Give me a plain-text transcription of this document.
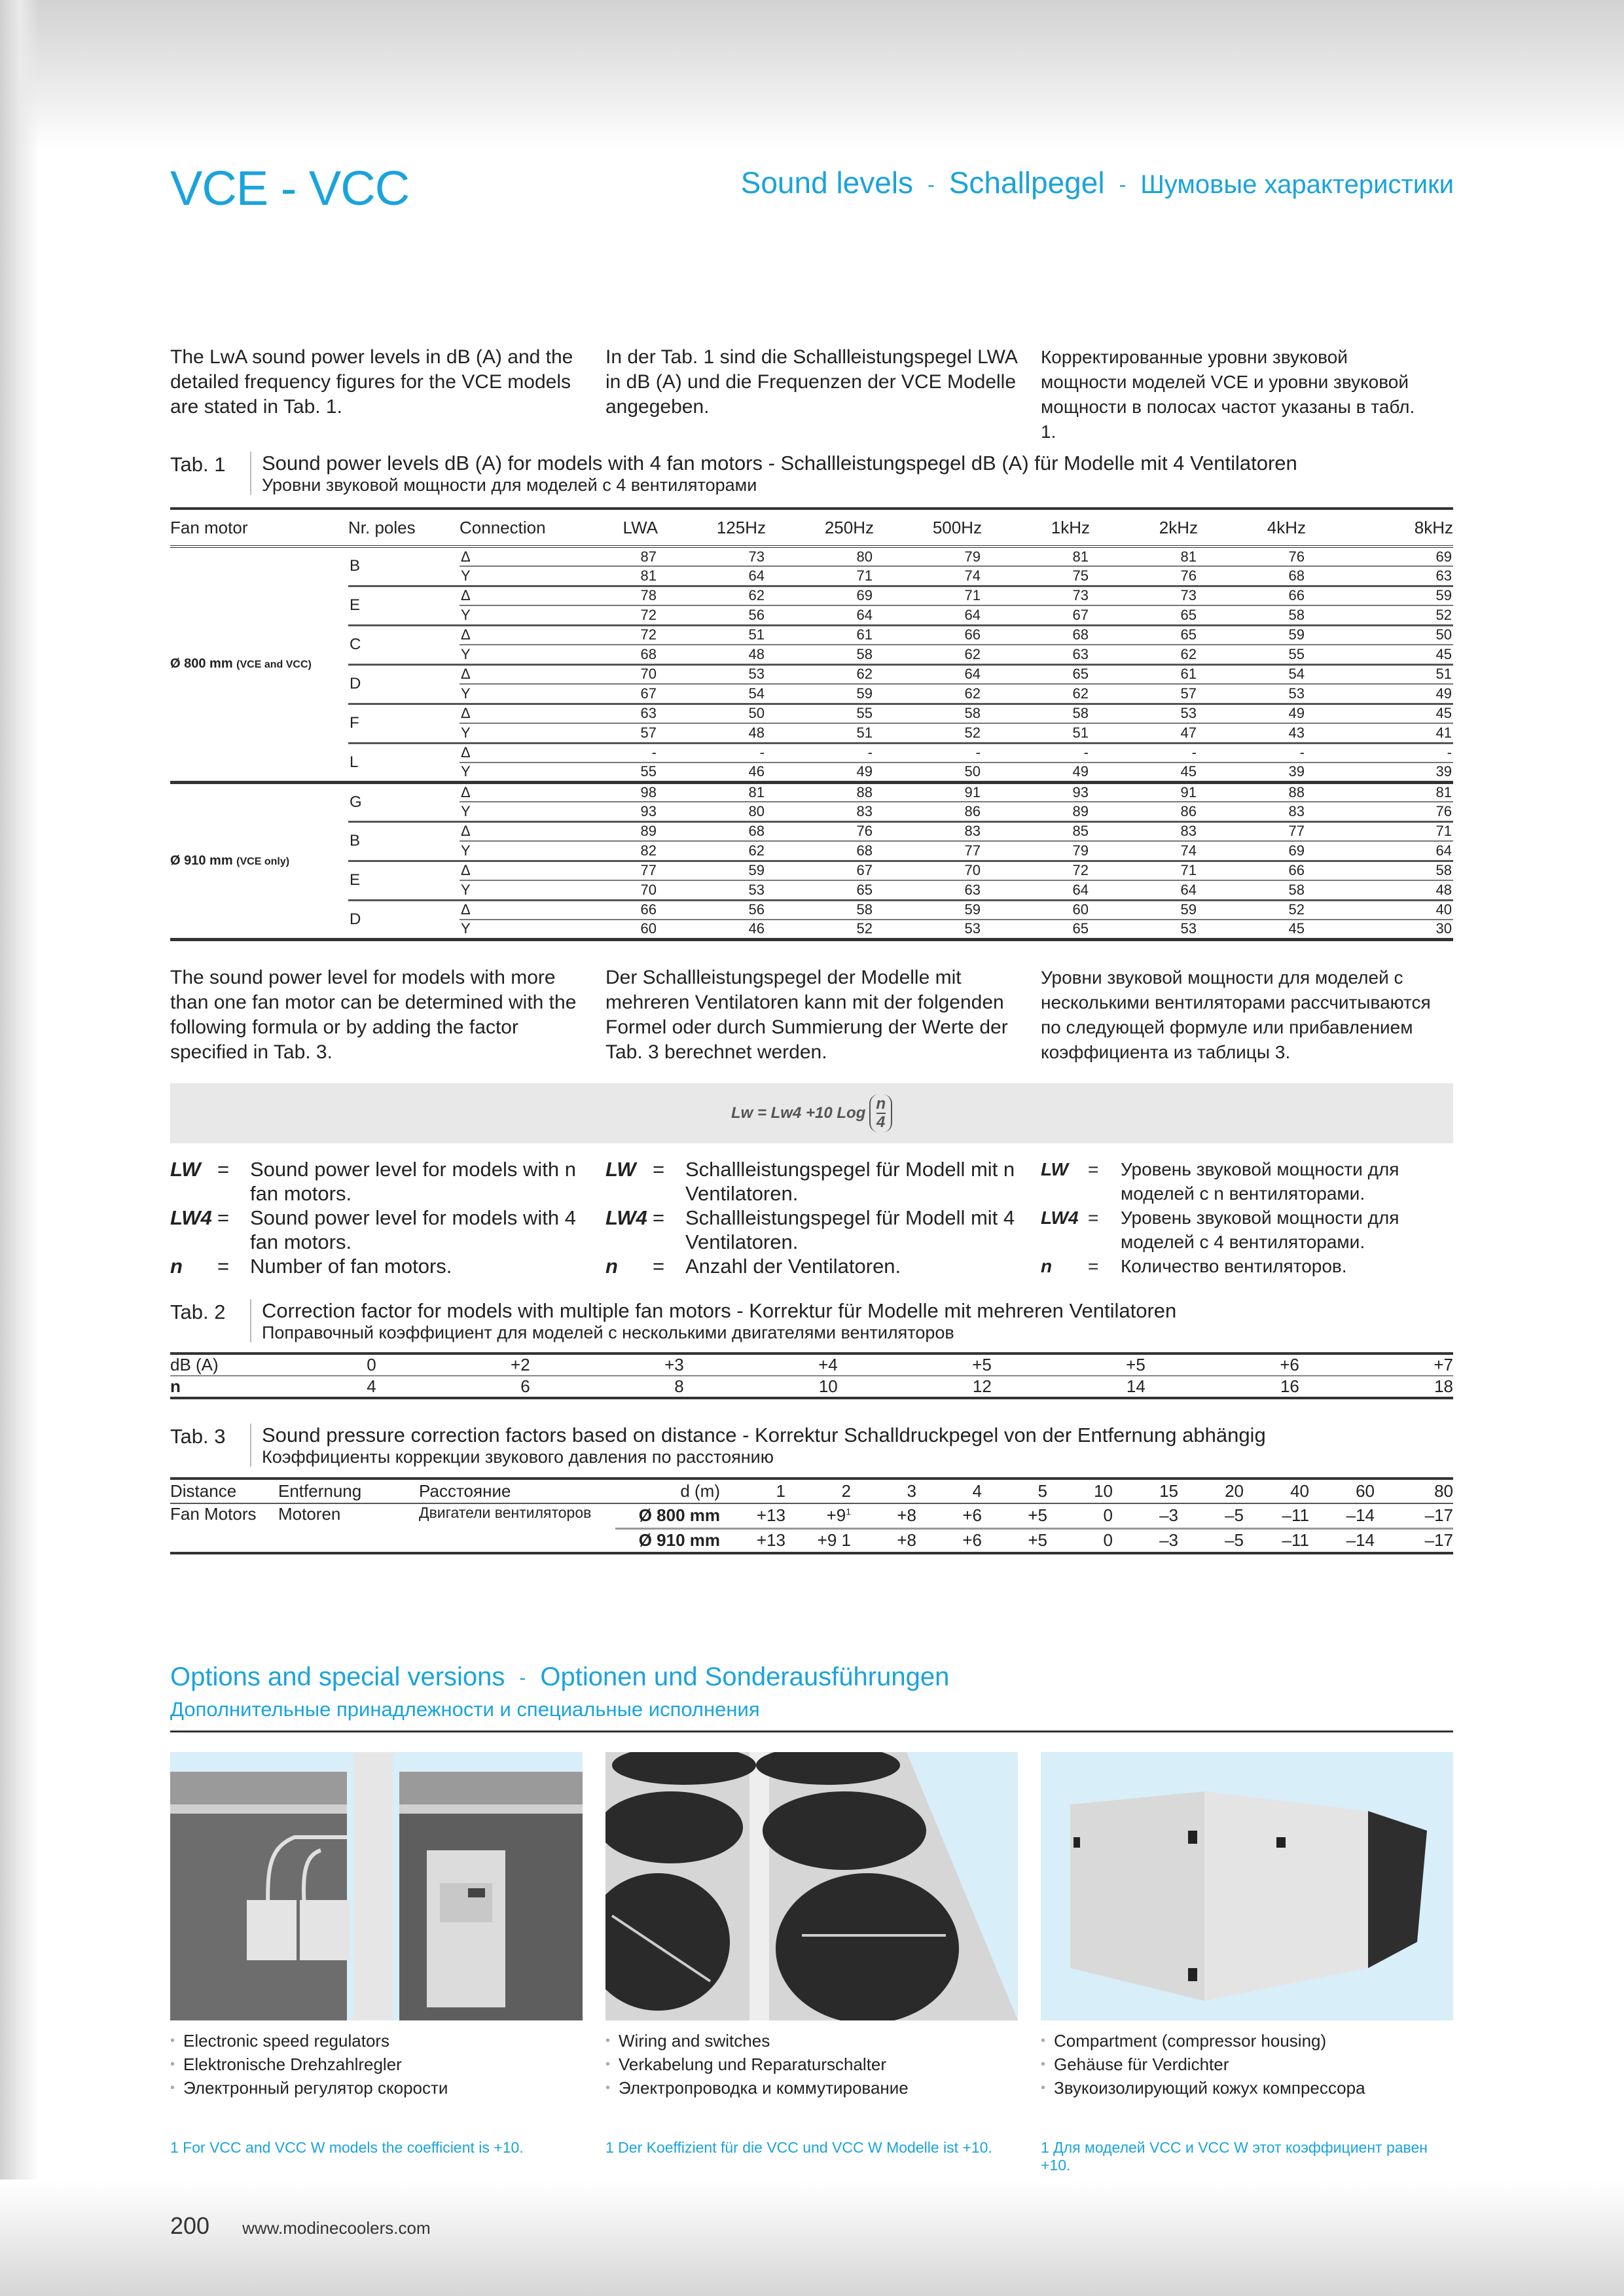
VCE - VCC	Sound levels - Schallpegel - Шумовые характеристики

The LwA sound power levels in dB (A) and the detailed frequency figures for the VCE models are stated in Tab. 1.

In der Tab. 1 sind die Schallleistungspegel LWA in dB (A) und die Frequenzen der VCE Modelle angegeben.

Корректированные уровни звуковой мощности моделей VCE и уровни звуковой мощности в полосах частот указаны в табл. 1.

Tab. 1	Sound power levels dB (A) for models with 4 fan motors - Schallleistungspegel dB (A) für Modelle mit 4 Ventilatoren
Уровни звуковой мощности для моделей с 4 вентиляторами
Fan motor	Nr. poles	Connection	LWA	125Hz	250Hz	500Hz	1kHz	2kHz	4kHz	8kHz
Ø 800 mm (VCE and VCC)	B	Δ	87	73	80	79	81	81	76	69
		Y	81	64	71	74	75	76	68	63
	E	Δ	78	62	69	71	73	73	66	59
		Y	72	56	64	64	67	65	58	52
	C	Δ	72	51	61	66	68	65	59	50
		Y	68	48	58	62	63	62	55	45
	D	Δ	70	53	62	64	65	61	54	51
		Y	67	54	59	62	62	57	53	49
	F	Δ	63	50	55	58	58	53	49	45
		Y	57	48	51	52	51	47	43	41
	L	Δ	-	-	-	-	-	-	-	-
		Y	55	46	49	50	49	45	39	39
Ø 910 mm (VCE only)	G	Δ	98	81	88	91	93	91	88	81
		Y	93	80	83	86	89	86	83	76
	B	Δ	89	68	76	83	85	83	77	71
		Y	82	62	68	77	79	74	69	64
	E	Δ	77	59	67	70	72	71	66	58
		Y	70	53	65	63	64	64	58	48
	D	Δ	66	56	58	59	60	59	52	40
		Y	60	46	52	53	65	53	45	30

The sound power level for models with more than one fan motor can be determined with the following formula or by adding the factor specified in Tab. 3.

Der Schallleistungspegel der Modelle mit mehreren Ventilatoren kann mit der folgenden Formel oder durch Summierung der Werte der Tab. 3 berechnet werden.

Уровни звуковой мощности для моделей с несколькими вентиляторами рассчитываются по следующей формуле или прибавлением коэффициента из таблицы 3.

Lw = Lw4 +10 Log $\frac{n}{4}$
LW =	Sound power level for models with n fan motors.
LW4 =	Sound power level for models with 4 fan motors.
n	=	Number of fan motors.
LW =	Schallleistungspegel für Modell mit n Ventilatoren.
LW4 =	Schallleistungspegel für Modell mit 4 Ventilatoren.
n	=	Anzahl der Ventilatoren.
LW	=	Уровень звуковой мощности для моделей с n вентиляторами.
LW4 =	Уровень звуковой мощности для моделей с 4 вентиляторами.
n	=	Количество вентиляторов.
Tab. 2	Correction factor for models with multiple fan motors - Korrektur für Modelle mit mehreren Ventilatoren
Поправочный коэффициент для моделей с несколькими двигателями вентиляторов
dB (A)	0	+2	+3	+4	+5	+5	+6	+7
n	4	6	8	10	12	14	16	18
Tab. 3	Sound pressure correction factors based on distance - Korrektur Schalldruckpegel von der Entfernung abhängig
Коэффициенты коррекции звукового давления по расстоянию
Distance	Entfernung	Расстояние	d (m)	1	2	3	4	5	10	15	20	40	60	80
Fan Motors	Motoren	Двигатели вентиляторов	Ø 800 mm	+13	$+9^1$	+8	+6	+5	0	–3	–5	–11	–14	–17
			Ø 910 mm	+13	+9 1	+8	+6	+5	0	–3	–5	–11	–14	–17
Options and special versions - Optionen und Sonderausführungen
Дополнительные принадлежности и специальные исполнения
• Electronic speed regulators
• Elektronische Drehzahlregler
• Электронный регулятор скорости
• Wiring and switches
• Verkabelung und Reparaturschalter
• Электропроводка и коммутирование
• Compartment (compressor housing)
• Gehäuse für Verdichter
• Звукоизолирующий кожух компрессора
1 For VCC and VCC W models the coefficient is +10.	1 Der Koeffizient für die VCC und VCC W Modelle ist +10.	1 Для моделей VCC и VCC W этот коэффициент равен +10.
200 www.modinecoolers.com
